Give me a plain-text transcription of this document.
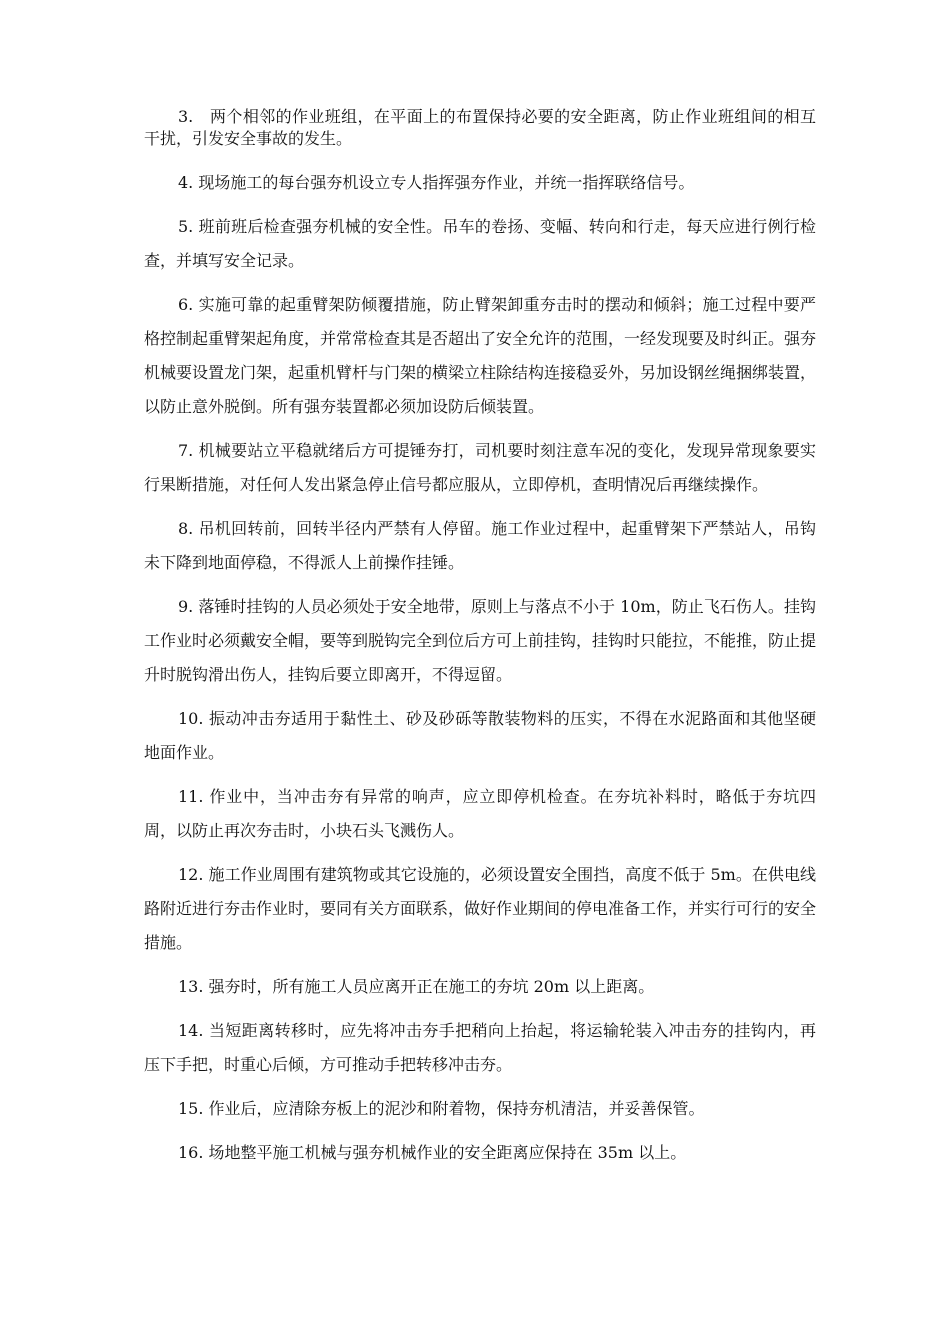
3.　两个相邻的作业班组，在平面上的布置保持必要的安全距离，防止作业班组间的相互干扰，引发安全事故的发生。

4. 现场施工的每台强夯机设立专人指挥强夯作业，并统一指挥联络信号。

5. 班前班后检查强夯机械的安全性。吊车的卷扬、变幅、转向和行走，每天应进行例行检查，并填写安全记录。

6. 实施可靠的起重臂架防倾覆措施，防止臂架卸重夯击时的摆动和倾斜；施工过程中要严格控制起重臂架起角度，并常常检查其是否超出了安全允许的范围，一经发现要及时纠正。强夯机械要设置龙门架，起重机臂杆与门架的横梁立柱除结构连接稳妥外，另加设钢丝绳捆绑装置，以防止意外脱倒。所有强夯装置都必须加设防后倾装置。

7. 机械要站立平稳就绪后方可提锤夯打，司机要时刻注意车况的变化，发现异常现象要实行果断措施，对任何人发出紧急停止信号都应服从，立即停机，查明情况后再继续操作。

8. 吊机回转前，回转半径内严禁有人停留。施工作业过程中，起重臂架下严禁站人，吊钩未下降到地面停稳，不得派人上前操作挂锤。

9. 落锤时挂钩的人员必须处于安全地带，原则上与落点不小于 10m，防止飞石伤人。挂钩工作业时必须戴安全帽，要等到脱钩完全到位后方可上前挂钩，挂钩时只能拉，不能推，防止提升时脱钩滑出伤人，挂钩后要立即离开，不得逗留。

10. 振动冲击夯适用于黏性土、砂及砂砾等散装物料的压实，不得在水泥路面和其他坚硬地面作业。

11. 作业中，当冲击夯有异常的响声，应立即停机检查。在夯坑补料时，略低于夯坑四周，以防止再次夯击时，小块石头飞溅伤人。

12. 施工作业周围有建筑物或其它设施的，必须设置安全围挡，高度不低于 5m。在供电线路附近进行夯击作业时，要同有关方面联系，做好作业期间的停电准备工作，并实行可行的安全措施。

13. 强夯时，所有施工人员应离开正在施工的夯坑 20m 以上距离。

14. 当短距离转移时，应先将冲击夯手把稍向上抬起，将运输轮装入冲击夯的挂钩内，再压下手把，时重心后倾，方可推动手把转移冲击夯。

15. 作业后，应清除夯板上的泥沙和附着物，保持夯机清洁，并妥善保管。

16. 场地整平施工机械与强夯机械作业的安全距离应保持在 35m 以上。
